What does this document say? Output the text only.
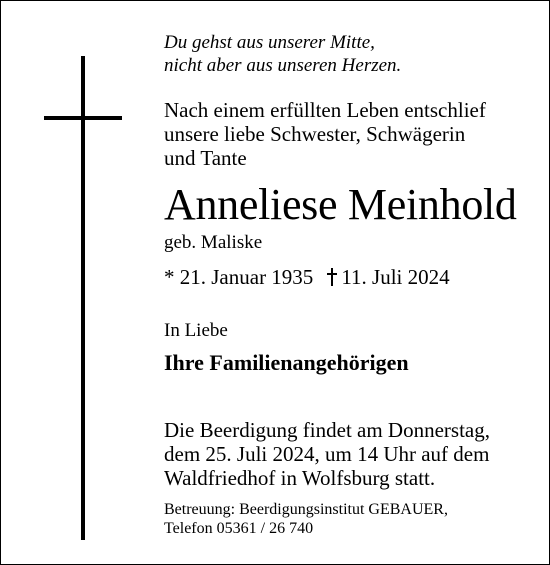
Du gehst aus unserer Mitte,
nicht aber aus unseren Herzen.
Nach einem erfüllten Leben entschlief
unsere liebe Schwester, Schwägerin
und Tante
Anneliese Meinhold
geb. Maliske
* 21. Januar 1935 11. Juli 2024
In Liebe
Ihre Familienangehörigen
Die Beerdigung findet am Donnerstag,
dem 25. Juli 2024, um 14 Uhr auf dem
Waldfriedhof in Wolfsburg statt.
Betreuung: Beerdigungsinstitut GEBAUER,
Telefon 05361 / 26 740
